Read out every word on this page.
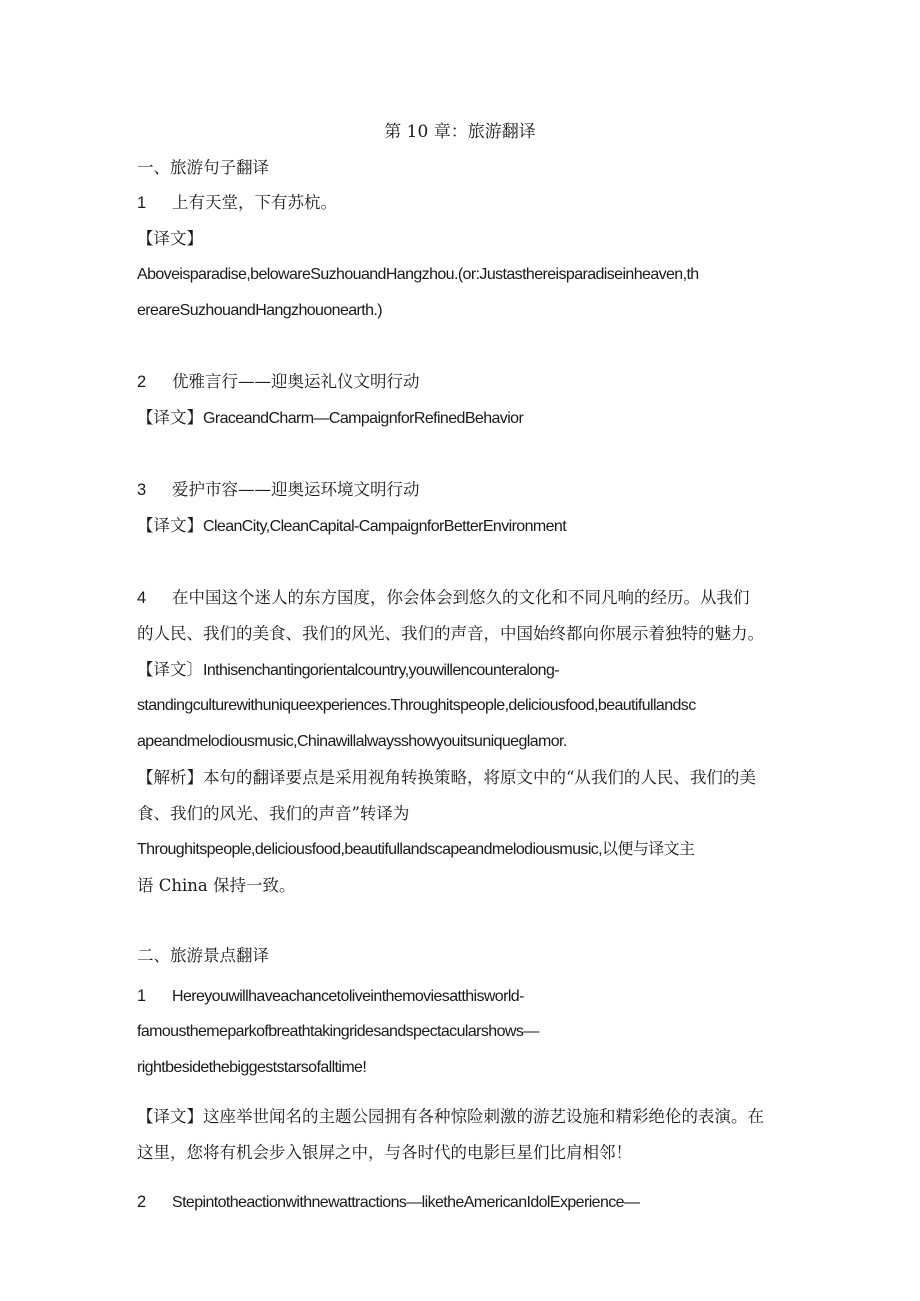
第 10 章：旅游翻译
一、旅游句子翻译
1 上有天堂，下有苏杭。
【译文】
Aboveisparadise,belowareSuzhouandHangzhou.(or:Justasthereisparadiseinheaven,th
ereareSuzhouandHangzhouonearth.)
2 优雅言行——迎奥运礼仪文明行动
【译文】GraceandCharm—CampaignforRefinedBehavior
3 爱护市容——迎奥运环境文明行动
【译文】CleanCity,CleanCapital-CampaignforBetterEnvironment
4 在中国这个迷人的东方国度，你会体会到悠久的文化和不同凡响的经历。从我们
的人民、我们的美食、我们的风光、我们的声音，中国始终都向你展示着独特的魅力。
【译文〕Inthisenchantingorientalcountry,youwillencounteralong-
standingculturewithuniqueexperiences.Throughitspeople,deliciousfood,beautifullandsc
apeandmelodiousmusic,Chinawillalwaysshowyouitsuniqueglamor.
【解析】本句的翻译要点是采用视角转换策略，将原文中的“从我们的人民、我们的美
食、我们的风光、我们的声音”转译为
Throughitspeople,deliciousfood,beautifullandscapeandmelodiousmusic,以便与译文主
语 China 保持一致。
二、旅游景点翻译
1 Hereyouwillhaveachancetoliveinthemoviesatthisworld-
famousthemeparkofbreathtakingridesandspectacularshows—
rightbesidethebiggeststarsofalltime!
【译文】这座举世闻名的主题公园拥有各种惊险刺激的游艺设施和精彩绝伦的表演。在
这里，您将有机会步入银屏之中，与各时代的电影巨星们比肩相邻！
2 Stepintotheactionwithnewattractions—liketheAmericanIdolExperience—
